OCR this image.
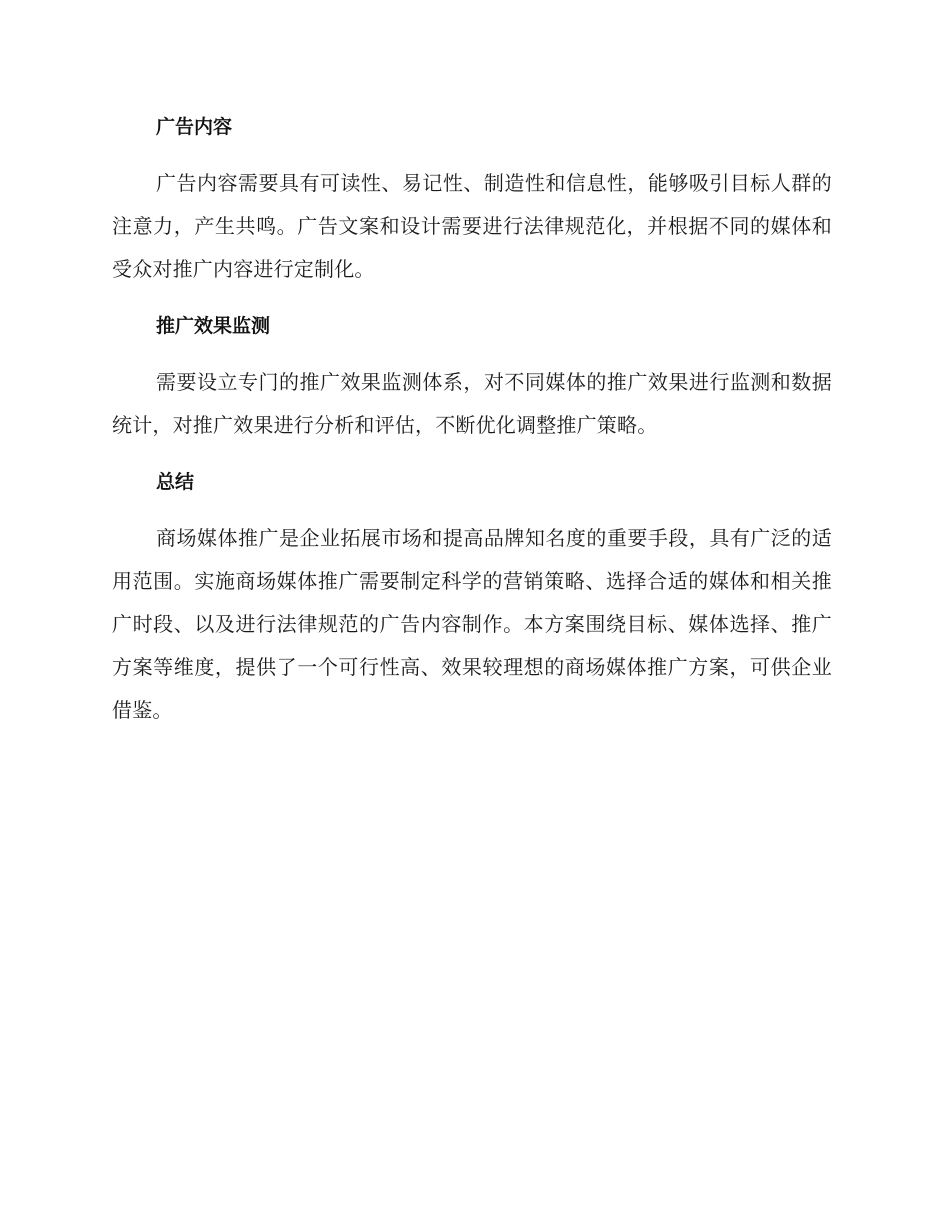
广告内容

广告内容需要具有可读性、易记性、制造性和信息性，能够吸引目标人群的注意力，产生共鸣。广告文案和设计需要进行法律规范化，并根据不同的媒体和受众对推广内容进行定制化。

推广效果监测

需要设立专门的推广效果监测体系，对不同媒体的推广效果进行监测和数据统计，对推广效果进行分析和评估，不断优化调整推广策略。

总结

商场媒体推广是企业拓展市场和提高品牌知名度的重要手段，具有广泛的适用范围。实施商场媒体推广需要制定科学的营销策略、选择合适的媒体和相关推广时段、以及进行法律规范的广告内容制作。本方案围绕目标、媒体选择、推广方案等维度，提供了一个可行性高、效果较理想的商场媒体推广方案，可供企业借鉴。
